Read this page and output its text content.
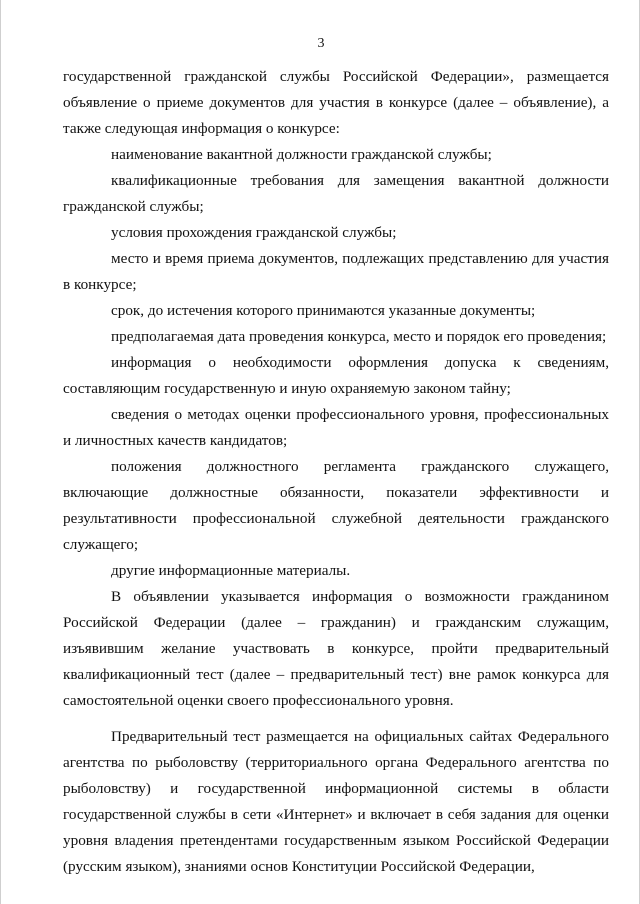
3

государственной гражданской службы Российской Федерации», размещается объявление о приеме документов для участия в конкурсе (далее – объявление), а также следующая информация о конкурсе:

наименование вакантной должности гражданской службы;

квалификационные требования для замещения вакантной должности гражданской службы;

условия прохождения гражданской службы;

место и время приема документов, подлежащих представлению для участия в конкурсе;

срок, до истечения которого принимаются указанные документы;

предполагаемая дата проведения конкурса, место и порядок его проведения;

информация о необходимости оформления допуска к сведениям, составляющим государственную и иную охраняемую законом тайну;

сведения о методах оценки профессионального уровня, профессиональных и личностных качеств кандидатов;

положения должностного регламента гражданского служащего, включающие должностные обязанности, показатели эффективности и результативности профессиональной служебной деятельности гражданского служащего;

другие информационные материалы.

В объявлении указывается информация о возможности гражданином Российской Федерации (далее – гражданин) и гражданским служащим, изъявившим желание участвовать в конкурсе, пройти предварительный квалификационный тест (далее – предварительный тест) вне рамок конкурса для самостоятельной оценки своего профессионального уровня.

Предварительный тест размещается на официальных сайтах Федерального агентства по рыболовству (территориального органа Федерального агентства по рыболовству) и государственной информационной системы в области государственной службы в сети «Интернет» и включает в себя задания для оценки уровня владения претендентами государственным языком Российской Федерации (русским языком), знаниями основ Конституции Российской Федерации,
